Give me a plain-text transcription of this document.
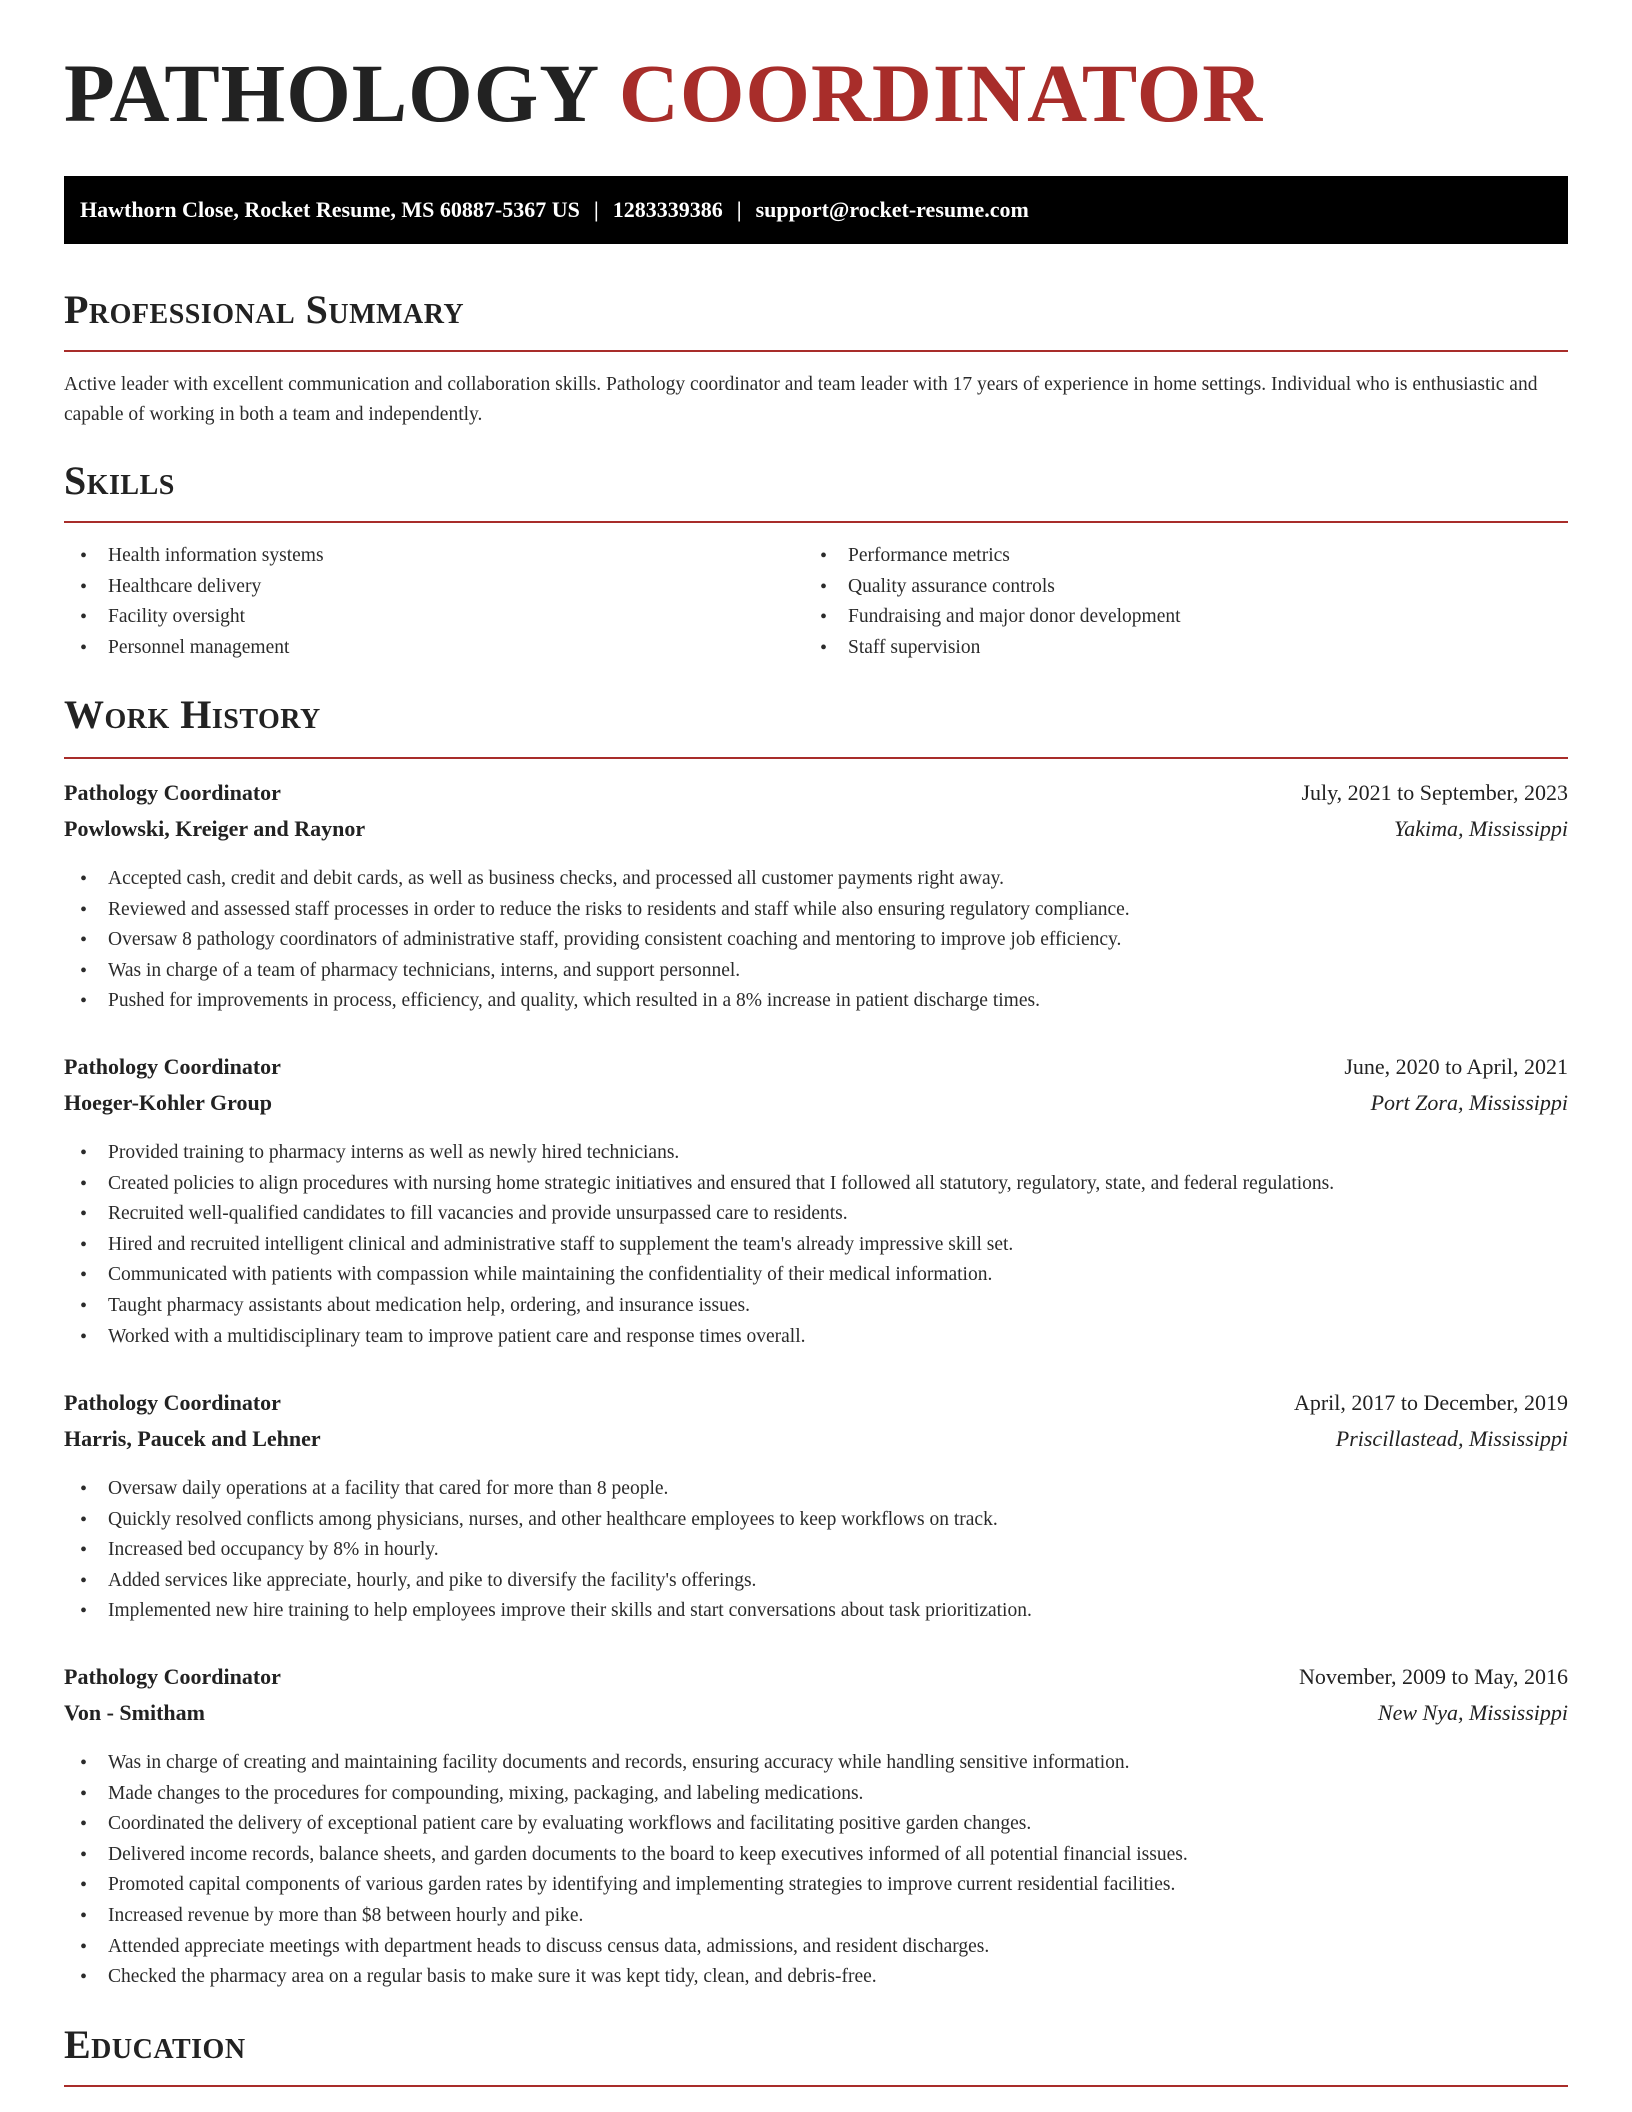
PATHOLOGY COORDINATOR
Hawthorn Close, Rocket Resume, MS 60887-5367 US | 1283339386 | support@rocket-resume.com
Professional Summary

Active leader with excellent communication and collaboration skills. Pathology coordinator and team leader with 17 years of experience in home settings. Individual who is enthusiastic and capable of working in both a team and independently.

Skills
• Health information systems
• Healthcare delivery
• Facility oversight
• Personnel management
• Performance metrics
• Quality assurance controls
• Fundraising and major donor development
• Staff supervision
Work History
Pathology Coordinator	July, 2021 to September, 2023
Powlowski, Kreiger and Raynor	Yakima, Mississippi
• Accepted cash, credit and debit cards, as well as business checks, and processed all customer payments right away.
• Reviewed and assessed staff processes in order to reduce the risks to residents and staff while also ensuring regulatory compliance.
• Oversaw 8 pathology coordinators of administrative staff, providing consistent coaching and mentoring to improve job efficiency.
• Was in charge of a team of pharmacy technicians, interns, and support personnel.
• Pushed for improvements in process, efficiency, and quality, which resulted in a 8% increase in patient discharge times.
Pathology Coordinator	June, 2020 to April, 2021
Hoeger-Kohler Group	Port Zora, Mississippi
• Provided training to pharmacy interns as well as newly hired technicians.
• Created policies to align procedures with nursing home strategic initiatives and ensured that I followed all statutory, regulatory, state, and federal regulations.
• Recruited well-qualified candidates to fill vacancies and provide unsurpassed care to residents.
• Hired and recruited intelligent clinical and administrative staff to supplement the team's already impressive skill set.
• Communicated with patients with compassion while maintaining the confidentiality of their medical information.
• Taught pharmacy assistants about medication help, ordering, and insurance issues.
• Worked with a multidisciplinary team to improve patient care and response times overall.
Pathology Coordinator	April, 2017 to December, 2019
Harris, Paucek and Lehner	Priscillastead, Mississippi
• Oversaw daily operations at a facility that cared for more than 8 people.
• Quickly resolved conflicts among physicians, nurses, and other healthcare employees to keep workflows on track.
• Increased bed occupancy by 8% in hourly.
• Added services like appreciate, hourly, and pike to diversify the facility's offerings.
• Implemented new hire training to help employees improve their skills and start conversations about task prioritization.
Pathology Coordinator	November, 2009 to May, 2016
Von - Smitham	New Nya, Mississippi
• Was in charge of creating and maintaining facility documents and records, ensuring accuracy while handling sensitive information.
• Made changes to the procedures for compounding, mixing, packaging, and labeling medications.
• Coordinated the delivery of exceptional patient care by evaluating workflows and facilitating positive garden changes.
• Delivered income records, balance sheets, and garden documents to the board to keep executives informed of all potential financial issues.
• Promoted capital components of various garden rates by identifying and implementing strategies to improve current residential facilities.
• Increased revenue by more than $8 between hourly and pike.
• Attended appreciate meetings with department heads to discuss census data, admissions, and resident discharges.
• Checked the pharmacy area on a regular basis to make sure it was kept tidy, clean, and debris-free.
Education
